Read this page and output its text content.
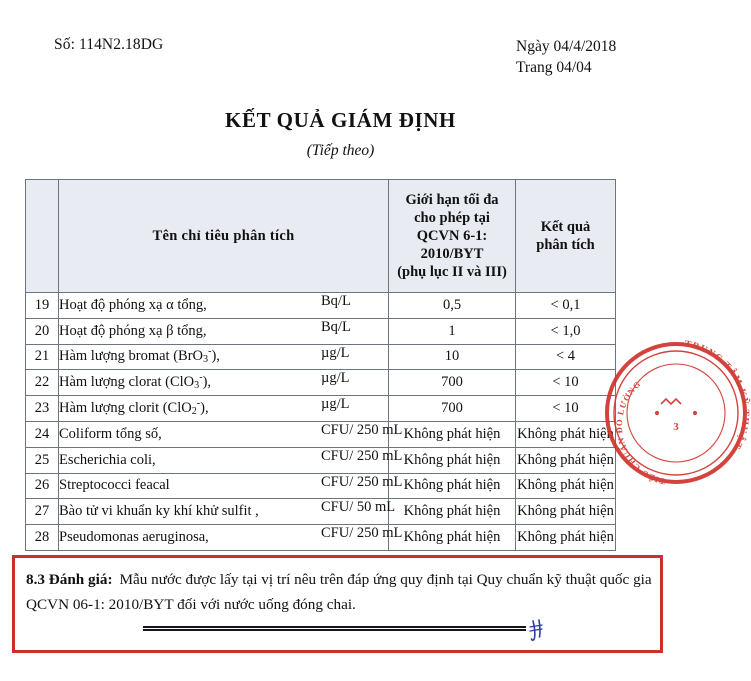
Số: 114N2.18DG	Ngày 04/4/2018
Trang 04/04
KẾT QUẢ GIÁM ĐỊNH
(Tiếp theo)
	Tên chỉ tiêu phân tích	
Giới hạn tối đa
cho phép tại
QCVN 6-1:
2010/BYT
(phụ lục II và III)

Kết quả
phân tích

19	Hoạt độ phóng xạ α tổng, Bq/L	0,5	< 0,1
20	Hoạt độ phóng xạ β tổng, Bq/L	1	< 1,0
21	Hàm lượng bromat (BrO$_3$-), µg/L	10	< 4
22	Hàm lượng clorat (ClO$_3$-), µg/L	700	< 10
23	Hàm lượng clorit (ClO$_2$-), µg/L	700	< 10
24	Coliform tổng số, CFU/ 250 mL	Không phát hiện	Không phát hiện
25	Escherichia coli, CFU/ 250 mL	Không phát hiện	Không phát hiện
26	Streptococci feacal CFU/ 250 mL	Không phát hiện	Không phát hiện
27	Bào tử vi khuẩn ky khí khử sulfit , CFU/ 50 mL	Không phát hiện	Không phát hiện
28	Pseudomonas aeruginosa, CFU/ 250 mL	Không phát hiện	Không phát hiện
TRUNG TÂM KỸ THUẬT
TIÊU CHUẨN ĐO LƯỜNG
3
8.3 Đánh giá: Mẫu nước được lấy tại vị trí nêu trên đáp ứng quy định tại Quy chuẩn kỹ thuật quốc gia QCVN 06-1: 2010/BYT đối với nước uống đóng chai.
